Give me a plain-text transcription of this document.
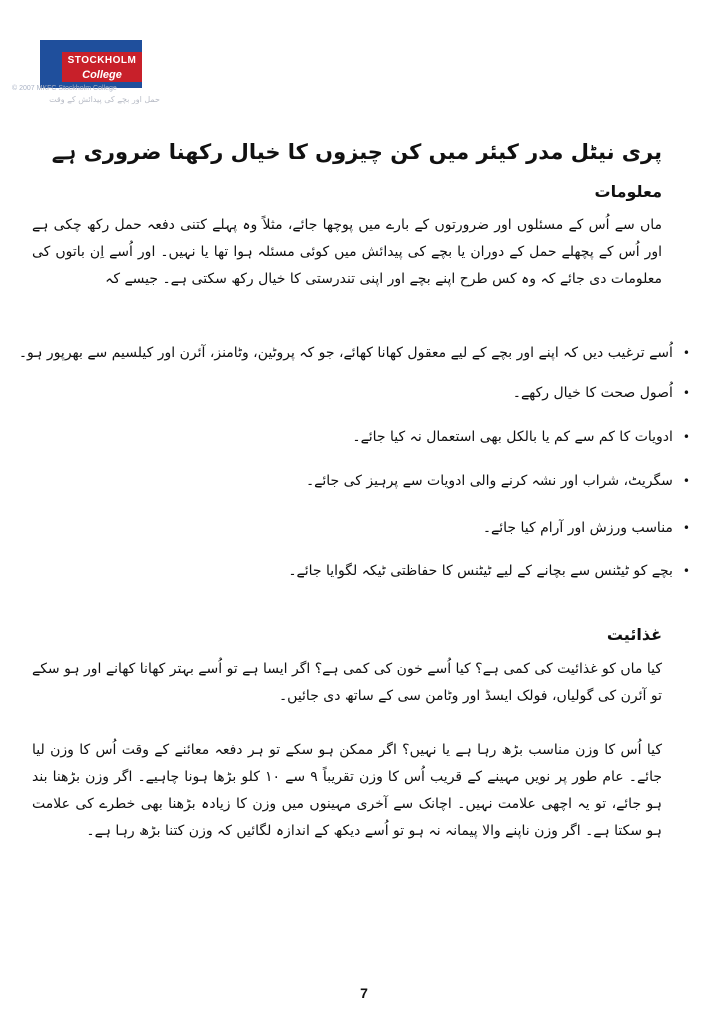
STOCKHOLM
College
© 2007 MKFC Stockholm College
حمل اور بچے کی پیدائش کے وقت
پری نیٹل مدر کیئر میں کن چیزوں کا خیال رکھنا ضروری ہے
معلومات

ماں سے اُس کے مسئلوں اور ضرورتوں کے بارے میں پوچھا جائے، مثلاً وہ پہلے کتنی دفعہ حمل رکھ چکی ہے اور اُس کے پچھلے حمل کے دوران یا بچے کی پیدائش میں کوئی مسئلہ ہوا تھا یا نہیں۔ اور اُسے اِن باتوں کی معلومات دی جائے کہ وہ کس طرح اپنے بچے اور اپنی تندرستی کا خیال رکھ سکتی ہے۔ جیسے کہ

•اُسے ترغیب دیں کہ اپنے اور بچے کے لیے معقول کھانا کھائے، جو کہ پروٹین، وٹامنز، آئرن اور کیلسیم سے بھرپور ہو۔
•اُصول صحت کا خیال رکھے۔
•ادویات کا کم سے کم یا بالکل بھی استعمال نہ کیا جائے۔
•سگریٹ، شراب اور نشہ کرنے والی ادویات سے پرہیز کی جائے۔
•مناسب ورزش اور آرام کیا جائے۔
•بچے کو ٹیٹنس سے بچانے کے لیے ٹیٹنس کا حفاظتی ٹیکہ لگوایا جائے۔
غذائیت

کیا ماں کو غذائیت کی کمی ہے؟ کیا اُسے خون کی کمی ہے؟ اگر ایسا ہے تو اُسے بہتر کھانا کھانے اور ہو سکے تو آئرن کی گولیاں، فولک ایسڈ اور وٹامن سی کے ساتھ دی جائیں۔

کیا اُس کا وزن مناسب بڑھ رہا ہے یا نہیں؟ اگر ممکن ہو سکے تو ہر دفعہ معائنے کے وقت اُس کا وزن لیا جائے۔ عام طور پر نویں مہینے کے قریب اُس کا وزن تقریباً ۹ سے ۱۰ کلو بڑھا ہونا چاہیے۔ اگر وزن بڑھنا بند ہو جائے، تو یہ اچھی علامت نہیں۔ اچانک سے آخری مہینوں میں وزن کا زیادہ بڑھنا بھی خطرے کی علامت ہو سکتا ہے۔ اگر وزن ناپنے والا پیمانہ نہ ہو تو اُسے دیکھ کے اندازہ لگائیں کہ وزن کتنا بڑھ رہا ہے۔

7
